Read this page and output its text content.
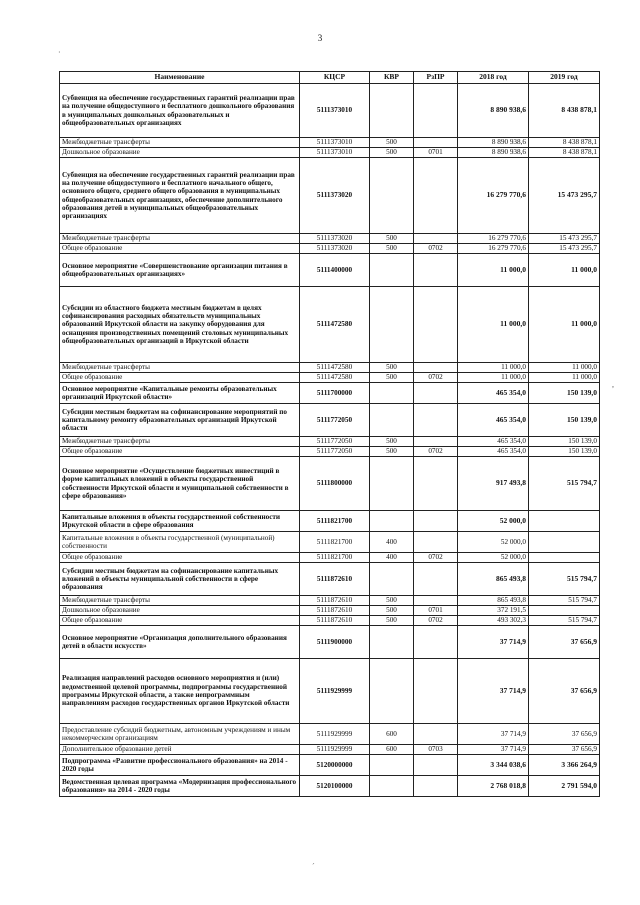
3
Наименование	КЦСР	КВР	РзПР	2018 год	2019 год
Субвенция на обеспечение государственных гарантий реализации прав на получение общедоступного и бесплатного дошкольного образования в муниципальных дошкольных образовательных и общеобразовательных организациях	5111373010			8 890 938,6	8 438 878,1
Межбюджетные трансферты	5111373010	500		8 890 938,6	8 438 878,1
Дошкольное образование	5111373010	500	0701	8 890 938,6	8 438 878,1
Субвенция на обеспечение государственных гарантий реализации прав на получение общедоступного и бесплатного начального общего, основного общего, среднего общего образования в муниципальных общеобразовательных организациях, обеспечение дополнительного образования детей в муниципальных общеобразовательных организациях	5111373020			16 279 770,6	15 473 295,7
Межбюджетные трансферты	5111373020	500		16 279 770,6	15 473 295,7
Общее образование	5111373020	500	0702	16 279 770,6	15 473 295,7
Основное мероприятие «Совершенствование организации питания в общеобразовательных организациях»	5111400000			11 000,0	11 000,0
Субсидии из областного бюджета местным бюджетам в целях софинансирования расходных обязательств муниципальных образований Иркутской области на закупку оборудования для оснащения производственных помещений столовых муниципальных общеобразовательных организаций в Иркутской области	5111472580			11 000,0	11 000,0
Межбюджетные трансферты	5111472580	500		11 000,0	11 000,0
Общее образование	5111472580	500	0702	11 000,0	11 000,0
Основное мероприятие «Капитальные ремонты образовательных организаций Иркутской области»	5111700000			465 354,0	150 139,0
Субсидии местным бюджетам на софинансирование мероприятий по капитальному ремонту образовательных организаций Иркутской области	5111772050			465 354,0	150 139,0
Межбюджетные трансферты	5111772050	500		465 354,0	150 139,0
Общее образование	5111772050	500	0702	465 354,0	150 139,0
Основное мероприятие «Осуществление бюджетных инвестиций в форме капитальных вложений в объекты государственной собственности Иркутской области и муниципальной собственности в сфере образования»	5111800000			917 493,8	515 794,7
Капитальные вложения в объекты государственной собственности Иркутской области в сфере образования	5111821700			52 000,0	
Капитальные вложения в объекты государственной (муниципальной) собственности	5111821700	400		52 000,0	
Общее образование	5111821700	400	0702	52 000,0	
Субсидии местным бюджетам на софинансирование капитальных вложений в объекты муниципальной собственности в сфере образования	5111872610			865 493,8	515 794,7
Межбюджетные трансферты	5111872610	500		865 493,8	515 794,7
Дошкольное образование	5111872610	500	0701	372 191,5	
Общее образование	5111872610	500	0702	493 302,3	515 794,7
Основное мероприятие «Организация дополнительного образования детей в области искусств»	5111900000			37 714,9	37 656,9
Реализация направлений расходов основного мероприятия и (или) ведомственной целевой программы, подпрограммы государственной программы Иркутской области, а также непрограммным направлениям расходов государственных органов Иркутской области	5111929999			37 714,9	37 656,9
Предоставление субсидий бюджетным, автономным учреждениям и иным некоммерческим организациям	5111929999	600		37 714,9	37 656,9
Дополнительное образование детей	5111929999	600	0703	37 714,9	37 656,9
Подпрограмма «Развитие профессионального образования» на 2014 - 2020 годы	5120000000			3 344 038,6	3 366 264,9
Ведомственная целевая программа «Модернизация профессионального образования» на 2014 - 2020 годы	5120100000			2 768 018,8	2 791 594,0
·
,
´
